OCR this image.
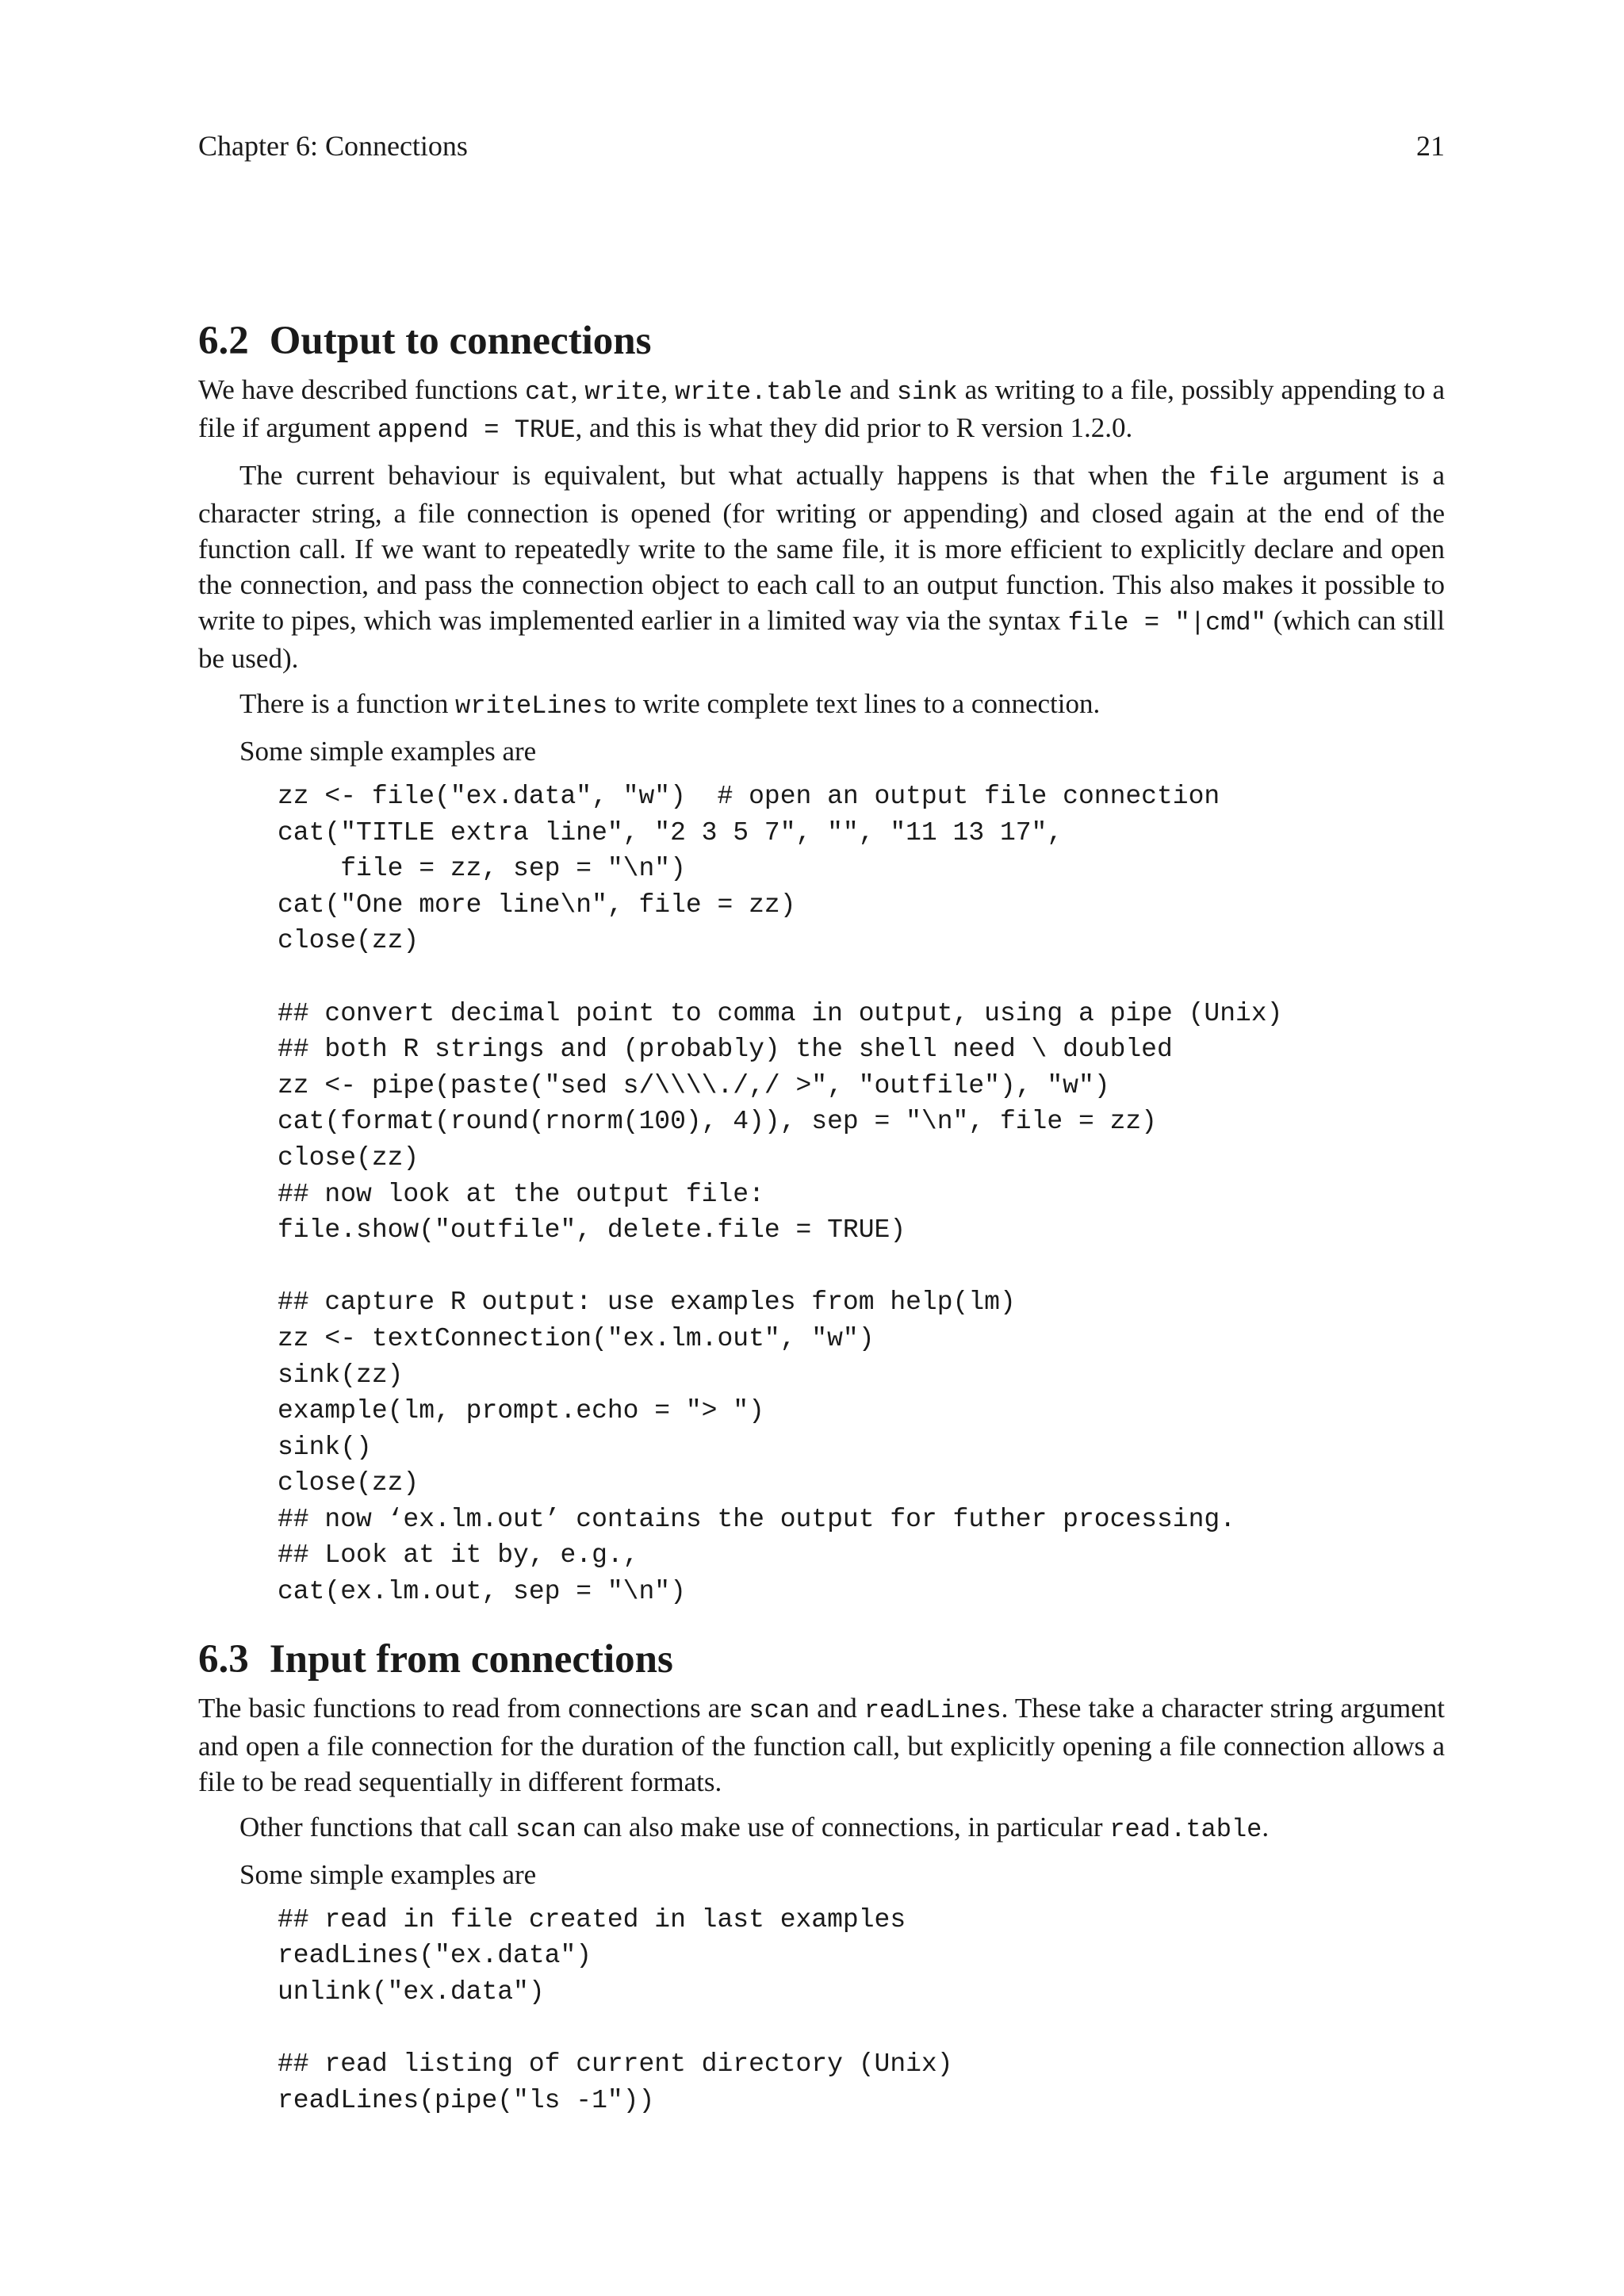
Chapter 6: Connections	21
6.2 Output to connections

We have described functions cat, write, write.table and sink as writing to a file, possibly appending to a file if argument append = TRUE, and this is what they did prior to R version 1.2.0.

The current behaviour is equivalent, but what actually happens is that when the file argument is a character string, a file connection is opened (for writing or appending) and closed again at the end of the function call. If we want to repeatedly write to the same file, it is more efficient to explicitly declare and open the connection, and pass the connection object to each call to an output function. This also makes it possible to write to pipes, which was implemented earlier in a limited way via the syntax file = "|cmd" (which can still be used).

There is a function writeLines to write complete text lines to a connection.

Some simple examples are

zz <- file("ex.data", "w")  # open an output file connection
cat("TITLE extra line", "2 3 5 7", "", "11 13 17",
file = zz, sep = "\n")
cat("One more line\n", file = zz)
close(zz)

## convert decimal point to comma in output, using a pipe (Unix)
## both R strings and (probably) the shell need \ doubled
zz <- pipe(paste("sed s/\\\\./,/ >", "outfile"), "w")
cat(format(round(rnorm(100), 4)), sep = "\n", file = zz)
close(zz)
## now look at the output file:
file.show("outfile", delete.file = TRUE)

## capture R output: use examples from help(lm)
zz <- textConnection("ex.lm.out", "w")
sink(zz)
example(lm, prompt.echo = "> ")
sink()
close(zz)
## now ‘ex.lm.out’ contains the output for futher processing.
## Look at it by, e.g.,
cat(ex.lm.out, sep = "\n")
6.3 Input from connections

The basic functions to read from connections are scan and readLines. These take a character string argument and open a file connection for the duration of the function call, but explicitly opening a file connection allows a file to be read sequentially in different formats.

Other functions that call scan can also make use of connections, in particular read.table.

Some simple examples are

## read in file created in last examples
readLines("ex.data")
unlink("ex.data")

## read listing of current directory (Unix)
readLines(pipe("ls -1"))
